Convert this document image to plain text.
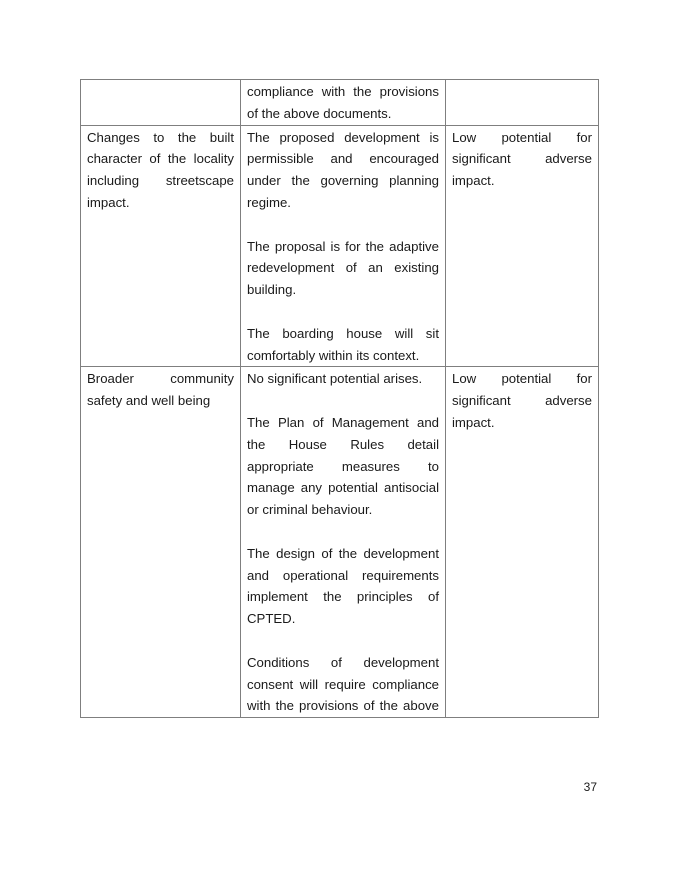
	compliance with the provisions of the above documents.	

Changes to the built character of the locality including streetscape impact.	The proposed development is permissible and encouraged under the governing planning regime.

The proposal is for the adaptive redevelopment of an existing building.

The boarding house will sit comfortably within its context.	Low potential for significant adverse impact.
Broader community safety and well being	No significant potential arises.

The Plan of Management and the House Rules detail appropriate measures to manage any potential antisocial or criminal behaviour.

The design of the development and operational requirements implement the principles of CPTED.

Conditions of development consent will require compliance with the provisions of the above	Low potential for significant adverse impact.
37
